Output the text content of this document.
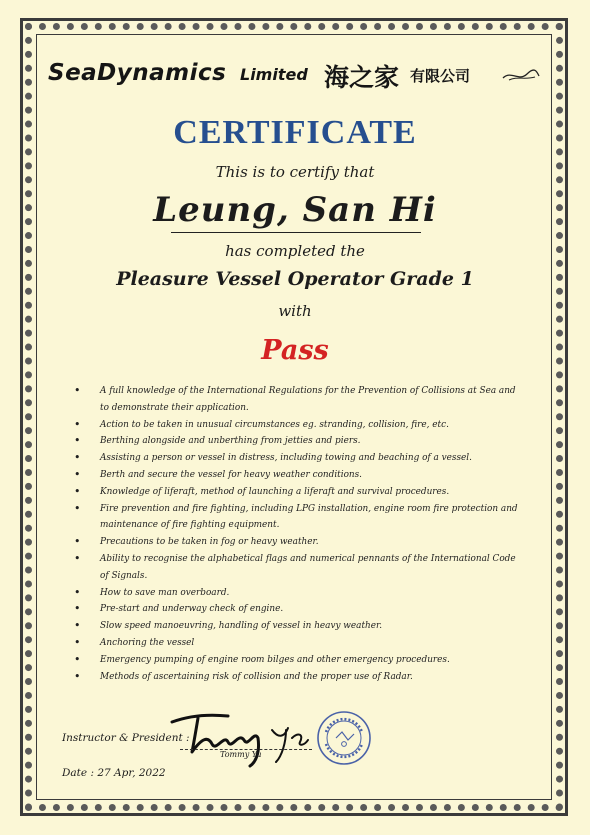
SeaDynamics Limited 海之家 有限公司
CERTIFICATE
This is to certify that
Leung, San Hi
has completed the
Pleasure Vessel Operator Grade 1
with
Pass
• A full knowledge of the International Regulations for the Prevention of Collisions at Sea and to demonstrate their application.
• Action to be taken in unusual circumstances eg. stranding, collision, fire, etc.
• Berthing alongside and unberthing from jetties and piers.
• Assisting a person or vessel in distress, including towing and beaching of a vessel.
• Berth and secure the vessel for heavy weather conditions.
• Knowledge of liferaft, method of launching a liferaft and survival procedures.
• Fire prevention and fire fighting, including LPG installation, engine room fire protection and maintenance of fire fighting equipment.
• Precautions to be taken in fog or heavy weather.
• Ability to recognise the alphabetical flags and numerical pennants of the International Code of Signals.
• How to save man overboard.
• Pre-start and underway check of engine.
• Slow speed manoeuvring, handling of vessel in heavy weather.
• Anchoring the vessel
• Emergency pumping of engine room bilges and other emergency procedures.
• Methods of ascertaining risk of collision and the proper use of Radar.
Instructor & President :
Tommy Yu
Date : 27 Apr, 2022
